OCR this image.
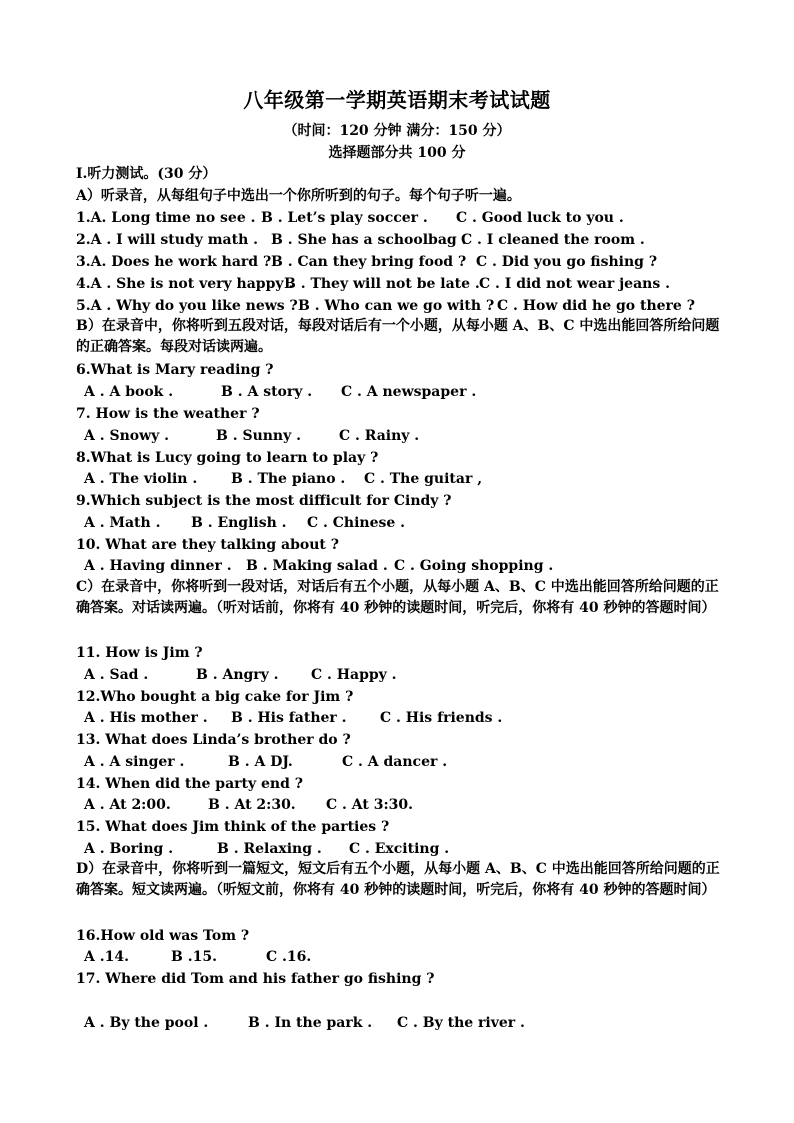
八年级第一学期英语期末考试试题
（时间：120 分钟 满分：150 分）
选择题部分共 100 分
I.听力测试。(30 分）
A）听录音，从每组句子中选出一个你所听到的句子。每个句子听一遍。
1.A. Long time no see . B . Let’s play soccer . C . Good luck to you .
2.A . I will study math . B . She has a schoolbag .
C . I cleaned the room .
3.A. Does he work hard ? B . Can they bring food ? C . Did you go fishing ?
4.A . She is not very happy .
B . They will not be late . C . I did not wear jeans .
5.A . Why do you like news ? B . Who can we go with ? C . How did he go there ?
B）在录音中，你将听到五段对话，每段对话后有一个小题，从每小题 A、B、C 中选出能回答所给问题的正确答案。每段对话读两遍。
6.What is Mary reading ?
A . A book .	B . A story . C . A newspaper .
7. How is the weather ?
A . Snowy .	B . Sunny .	C . Rainy .
8.What is Lucy going to learn to play ?
A . The violin . B . The piano . C . The guitar ,
9.Which subject is the most difficult for Cindy ?
A . Math . B . English . C . Chinese .
10. What are they talking about ?
A . Having dinner . B . Making salad . C . Going shopping .
C）在录音中，你将听到一段对话，对话后有五个小题，从每小题 A、B、C 中选出能回答所给问题的正确答案。对话读两遍。（听对话前，你将有 40 秒钟的读题时间，听完后，你将有 40 秒钟的答题时间）
11. How is Jim ?
A . Sad .	B . Angry . C . Happy .
12.Who bought a big cake for Jim ?
A . His mother . B . His father . C . His friends .
13. What does Linda’s brother do ?
A . A singer .	B . A DJ.	C . A dancer .
14. When did the party end ?
A . At 2:00.	B . At 2:30. C . At 3:30.
15. What does Jim think of the parties ?
A . Boring .	B . Relaxing . C . Exciting .
D）在录音中，你将听到一篇短文，短文后有五个小题，从每小题 A、B、C 中选出能回答所给问题的正确答案。短文读两遍。（听短文前，你将有 40 秒钟的读题时间，听完后，你将有 40 秒钟的答题时间）
16.How old was Tom ?
A .14.	B .15.	C .16.
17. Where did Tom and his father go fishing ?
A . By the pool .	B . In the park . C . By the river .
